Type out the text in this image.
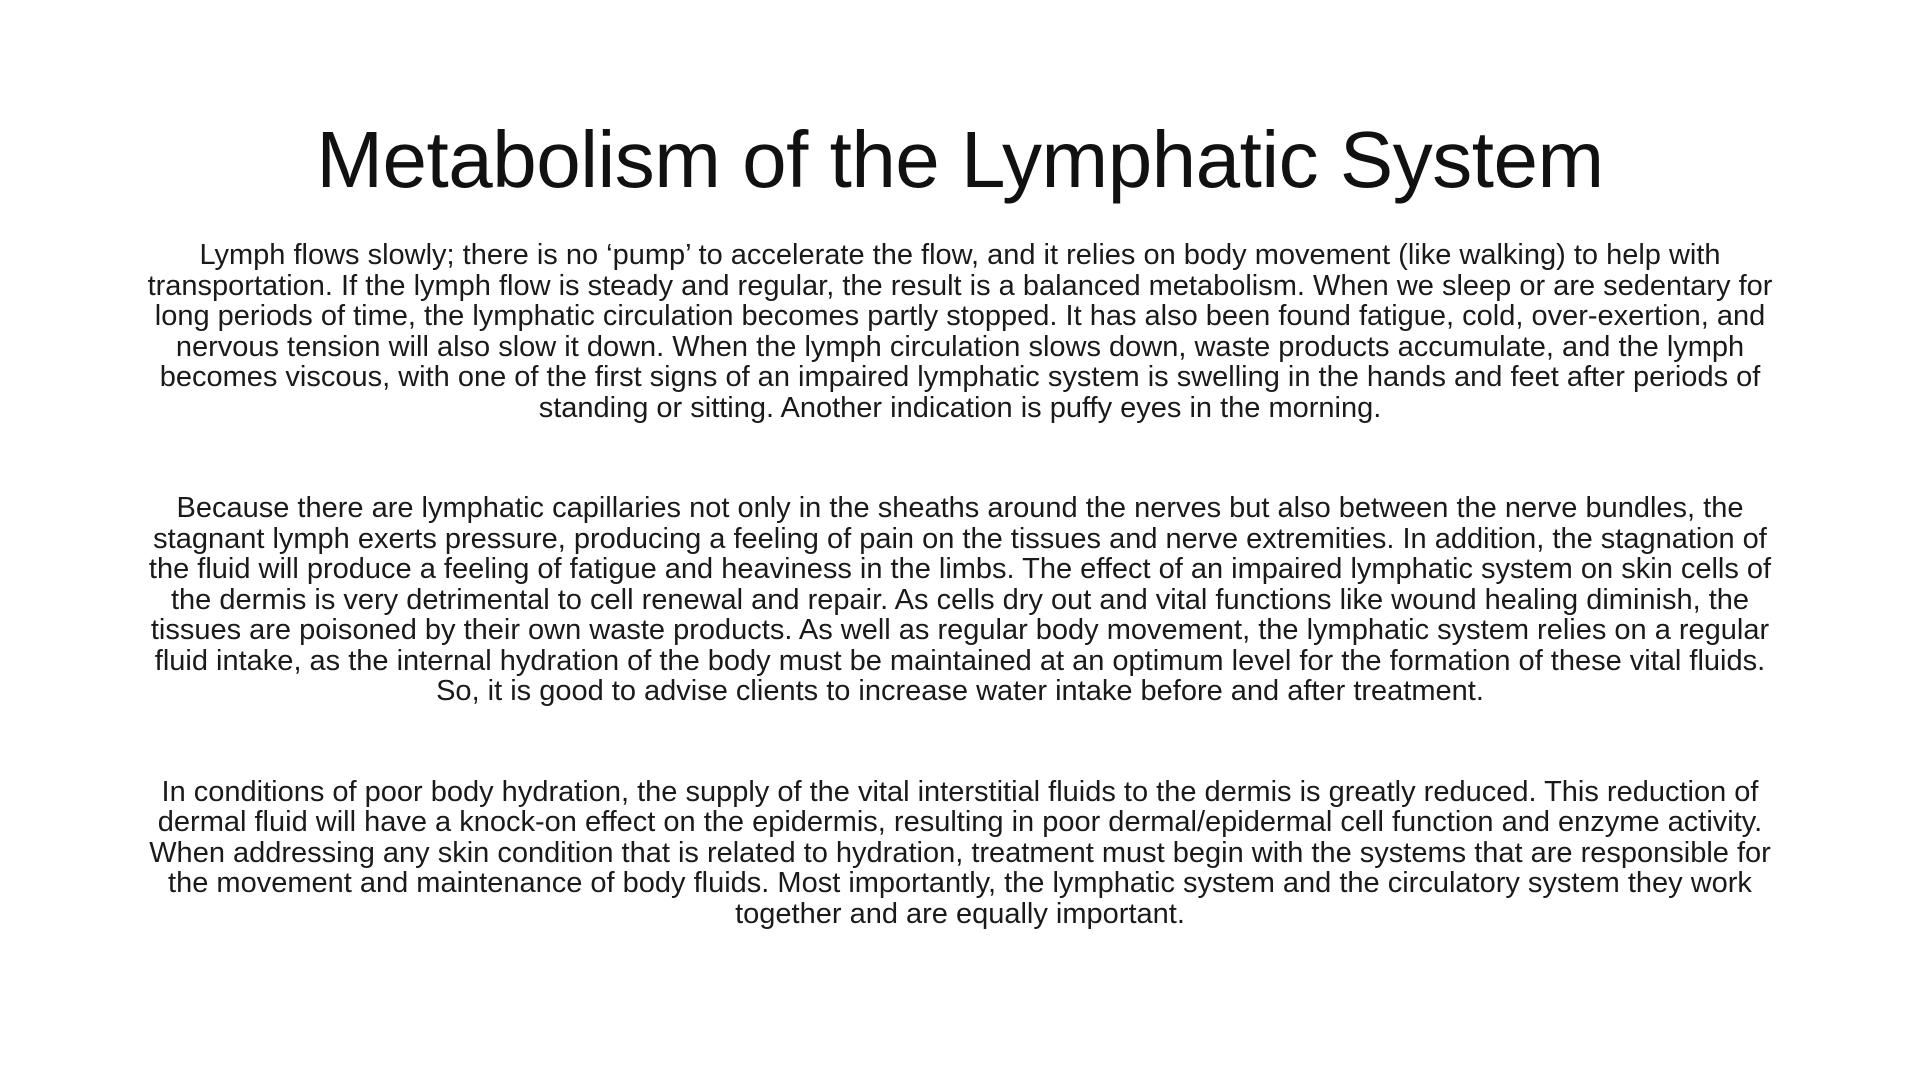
Metabolism of the Lymphatic System

Lymph flows slowly; there is no ‘pump’ to accelerate the flow, and it relies on body movement (like walking) to help with transportation. If the lymph flow is steady and regular, the result is a balanced metabolism. When we sleep or are sedentary for long periods of time, the lymphatic circulation becomes partly stopped. It has also been found fatigue, cold, over-exertion, and nervous tension will also slow it down. When the lymph circulation slows down, waste products accumulate, and the lymph becomes viscous, with one of the first signs of an impaired lymphatic system is swelling in the hands and feet after periods of standing or sitting. Another indication is puffy eyes in the morning.

Because there are lymphatic capillaries not only in the sheaths around the nerves but also between the nerve bundles, the stagnant lymph exerts pressure, producing a feeling of pain on the tissues and nerve extremities. In addition, the stagnation of the fluid will produce a feeling of fatigue and heaviness in the limbs. The effect of an impaired lymphatic system on skin cells of the dermis is very detrimental to cell renewal and repair. As cells dry out and vital functions like wound healing diminish, the tissues are poisoned by their own waste products. As well as regular body movement, the lymphatic system relies on a regular fluid intake, as the internal hydration of the body must be maintained at an optimum level for the formation of these vital fluids. So, it is good to advise clients to increase water intake before and after treatment.

In conditions of poor body hydration, the supply of the vital interstitial fluids to the dermis is greatly reduced. This reduction of dermal fluid will have a knock-on effect on the epidermis, resulting in poor dermal/epidermal cell function and enzyme activity. When addressing any skin condition that is related to hydration, treatment must begin with the systems that are responsible for the movement and maintenance of body fluids. Most importantly, the lymphatic system and the circulatory system they work together and are equally important.
